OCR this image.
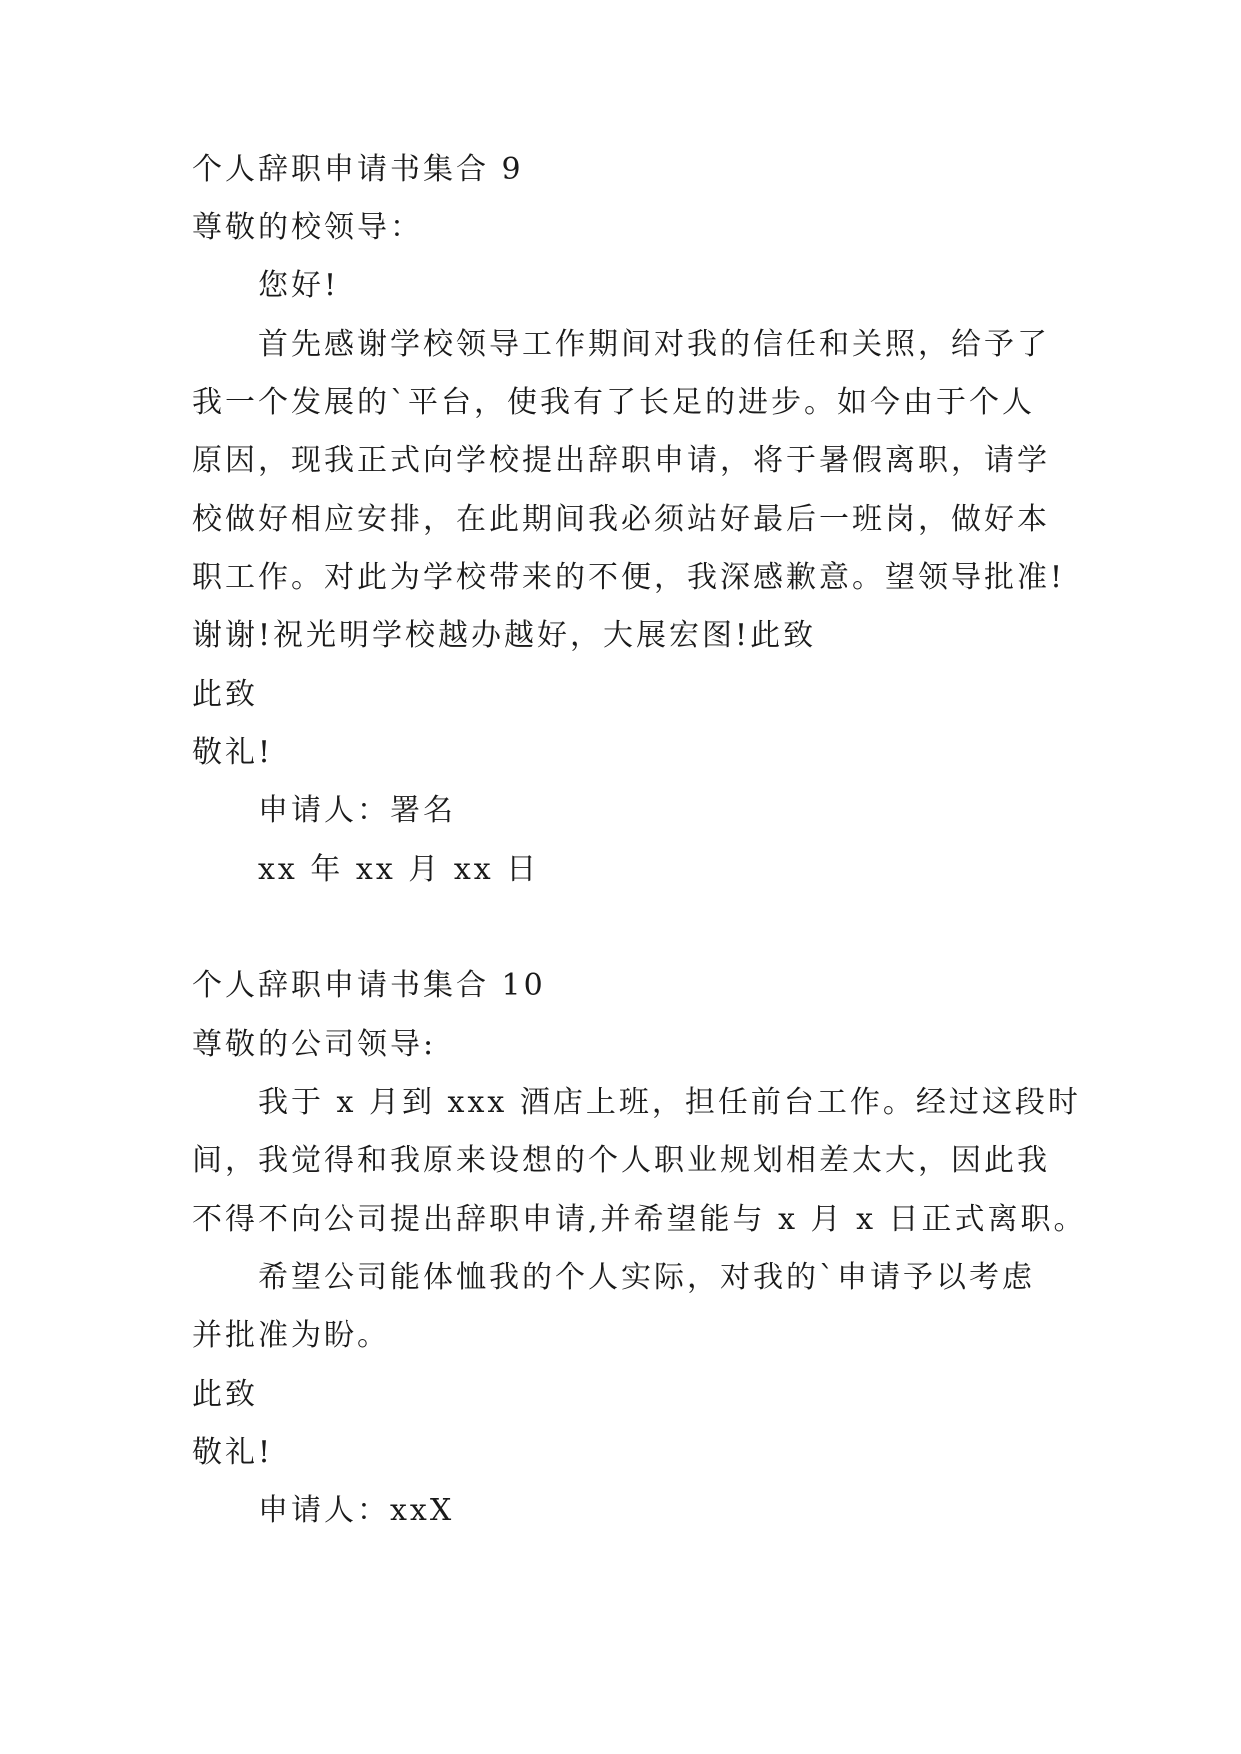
个人辞职申请书集合 9
尊敬的校领导：
您好!
首先感谢学校领导工作期间对我的信任和关照，给予了
我一个发展的`平台，使我有了长足的进步。如今由于个人
原因，现我正式向学校提出辞职申请，将于暑假离职，请学
校做好相应安排，在此期间我必须站好最后一班岗，做好本
职工作。对此为学校带来的不便，我深感歉意。望领导批准!
谢谢!祝光明学校越办越好，大展宏图!此致
此致
敬礼!
申请人：署名
xx 年 xx 月 xx 日
个人辞职申请书集合 10
尊敬的公司领导:
我于 x 月到 xxx 酒店上班，担任前台工作。经过这段时
间，我觉得和我原来设想的个人职业规划相差太大，因此我
不得不向公司提出辞职申请,并希望能与 x 月 x 日正式离职。
希望公司能体恤我的个人实际，对我的`申请予以考虑
并批准为盼。
此致
敬礼!
申请人：xxX
